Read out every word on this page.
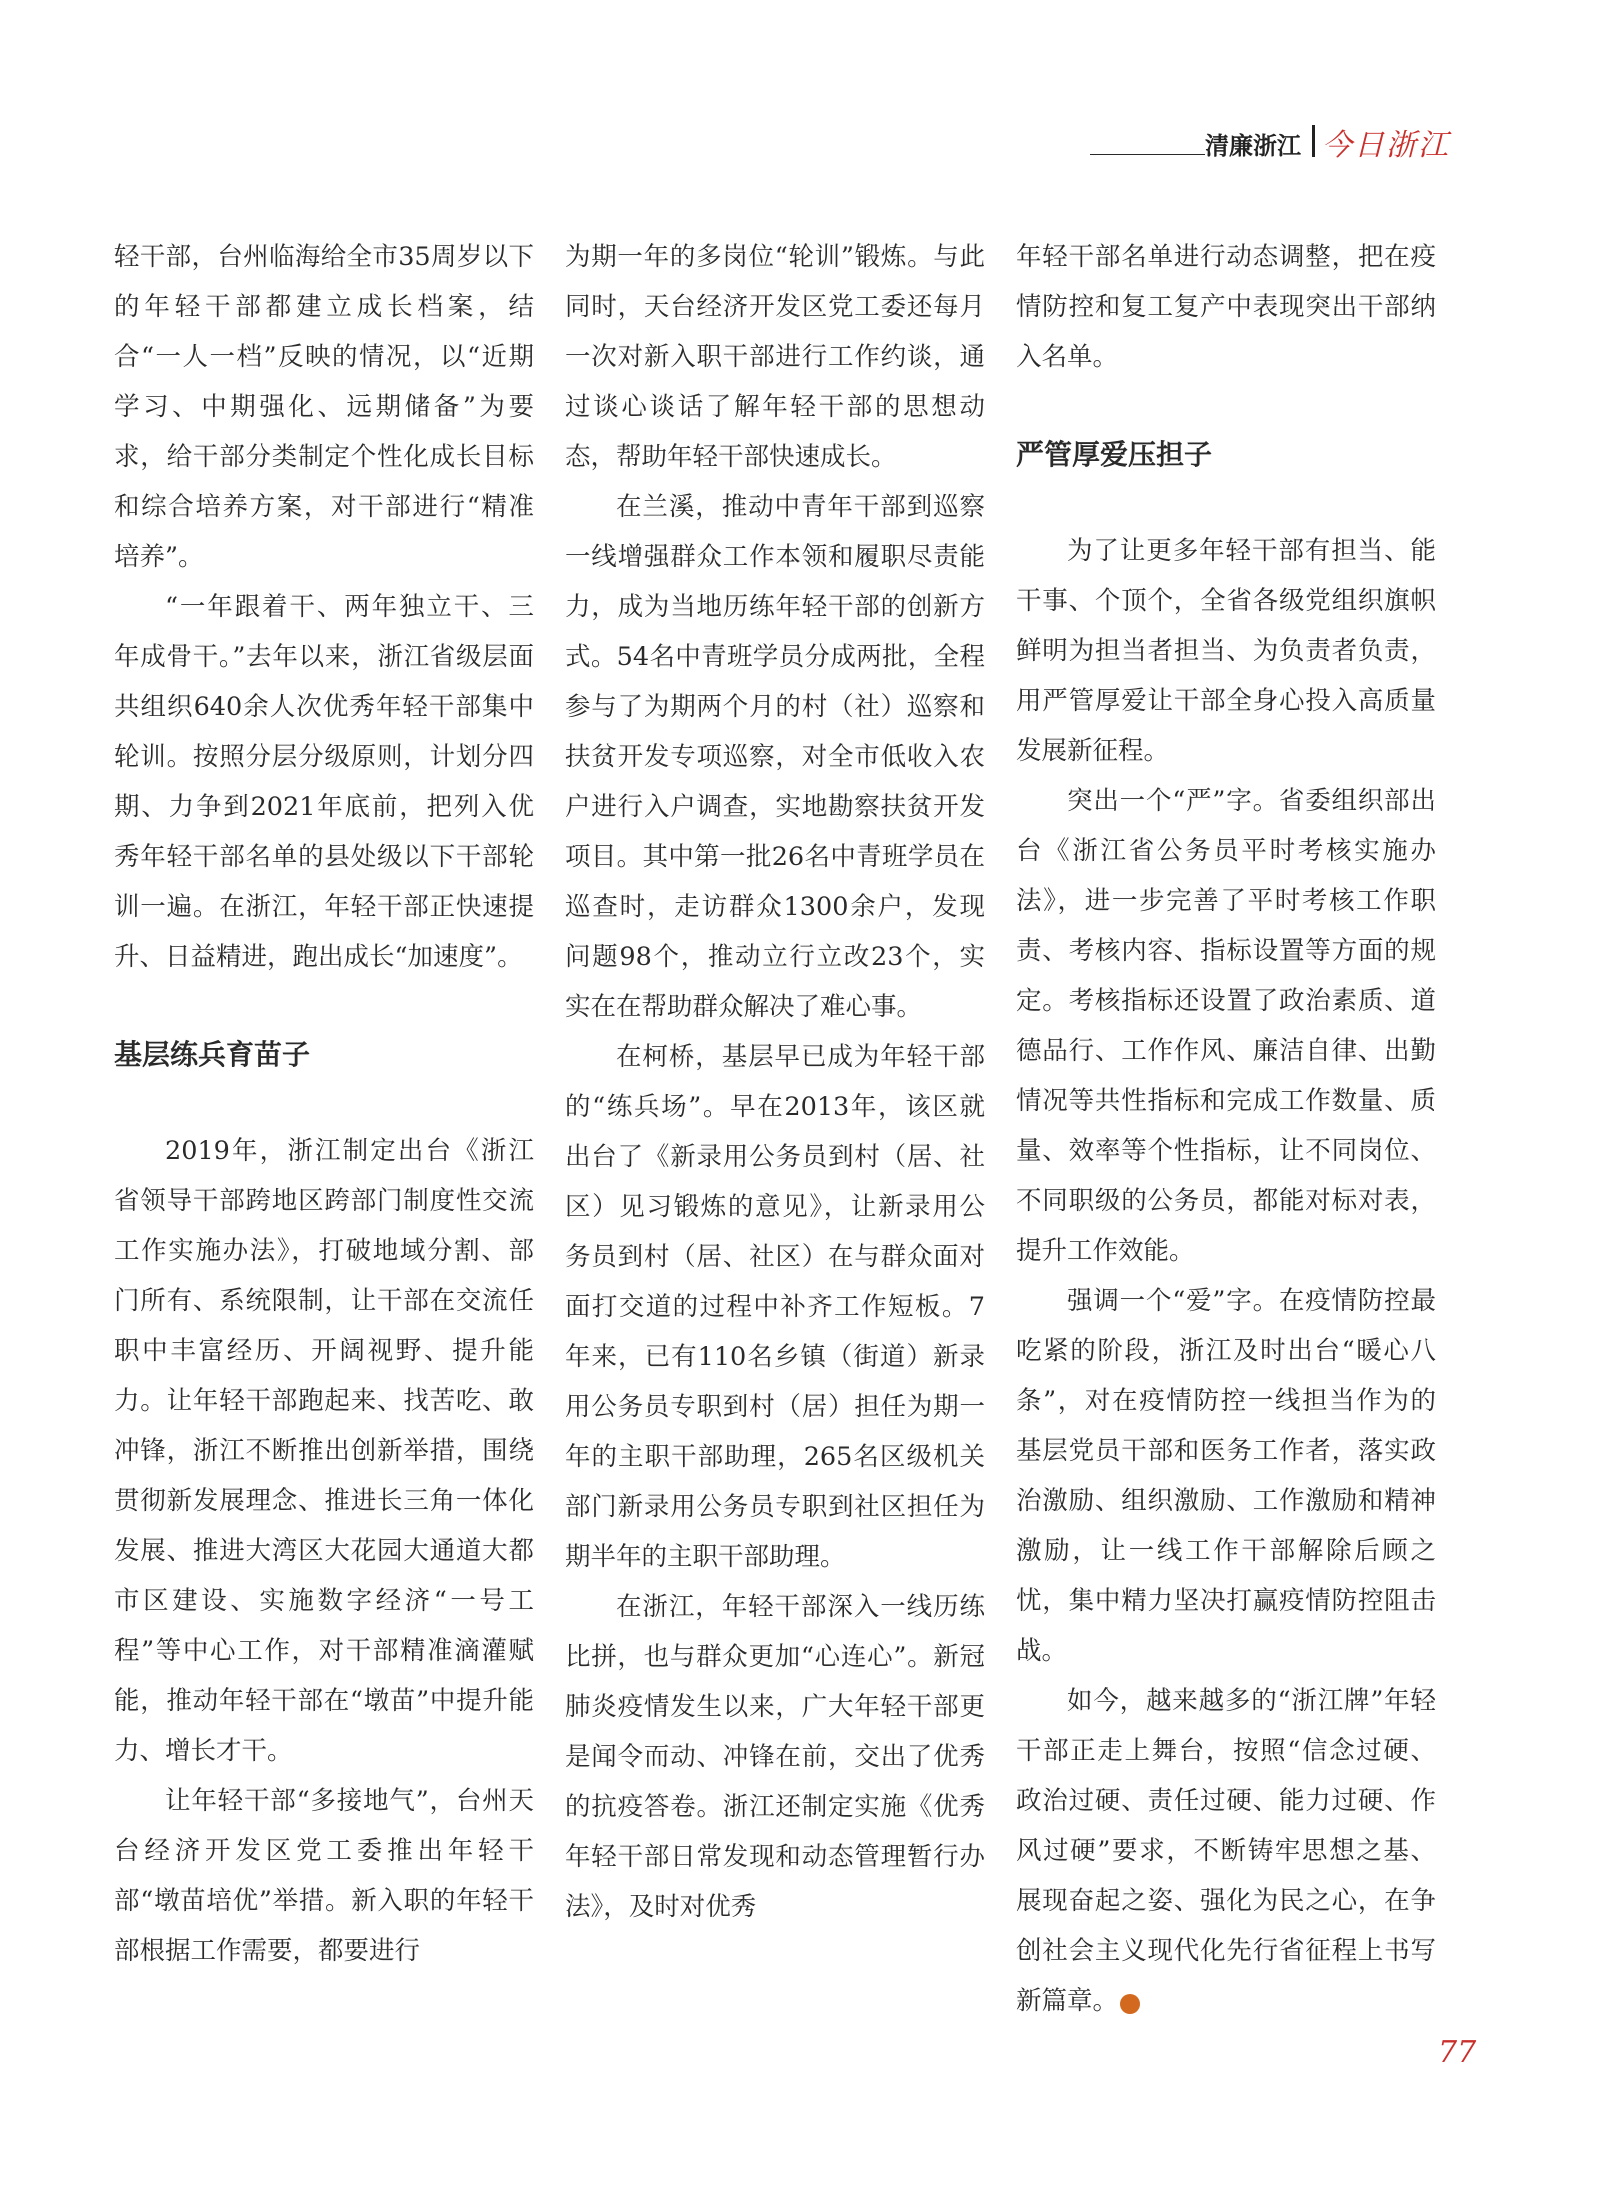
清廉浙江 今日浙江

轻干部，台州临海给全市35周岁以下的年轻干部都建立成长档案，结合“一人一档”反映的情况，以“近期学习、中期强化、远期储备”为要求，给干部分类制定个性化成长目标和综合培养方案，对干部进行“精准培养”。

“一年跟着干、两年独立干、三年成骨干。”去年以来，浙江省级层面共组织640余人次优秀年轻干部集中轮训。按照分层分级原则，计划分四期、力争到2021年底前，把列入优秀年轻干部名单的县处级以下干部轮训一遍。在浙江，年轻干部正快速提升、日益精进，跑出成长“加速度”。

基层练兵育苗子

2019年，浙江制定出台《浙江省领导干部跨地区跨部门制度性交流工作实施办法》，打破地域分割、部门所有、系统限制，让干部在交流任职中丰富经历、开阔视野、提升能力。让年轻干部跑起来、找苦吃、敢冲锋，浙江不断推出创新举措，围绕贯彻新发展理念、推进长三角一体化发展、推进大湾区大花园大通道大都市区建设、实施数字经济“一号工程”等中心工作，对干部精准滴灌赋能，推动年轻干部在“墩苗”中提升能力、增长才干。

让年轻干部“多接地气”，台州天台经济开发区党工委推出年轻干部“墩苗培优”举措。新入职的年轻干部根据工作需要，都要进行

为期一年的多岗位“轮训”锻炼。与此同时，天台经济开发区党工委还每月一次对新入职干部进行工作约谈，通过谈心谈话了解年轻干部的思想动态，帮助年轻干部快速成长。

在兰溪，推动中青年干部到巡察一线增强群众工作本领和履职尽责能力，成为当地历练年轻干部的创新方式。54名中青班学员分成两批，全程参与了为期两个月的村（社）巡察和扶贫开发专项巡察，对全市低收入农户进行入户调查，实地勘察扶贫开发项目。其中第一批26名中青班学员在巡查时，走访群众1300余户，发现问题98个，推动立行立改23个，实实在在帮助群众解决了难心事。

在柯桥，基层早已成为年轻干部的“练兵场”。早在2013年，该区就出台了《新录用公务员到村（居、社区）见习锻炼的意见》，让新录用公务员到村（居、社区）在与群众面对面打交道的过程中补齐工作短板。7年来，已有110名乡镇（街道）新录用公务员专职到村（居）担任为期一年的主职干部助理，265名区级机关部门新录用公务员专职到社区担任为期半年的主职干部助理。

在浙江，年轻干部深入一线历练比拼，也与群众更加“心连心”。新冠肺炎疫情发生以来，广大年轻干部更是闻令而动、冲锋在前，交出了优秀的抗疫答卷。浙江还制定实施《优秀年轻干部日常发现和动态管理暂行办法》，及时对优秀

年轻干部名单进行动态调整，把在疫情防控和复工复产中表现突出干部纳入名单。

严管厚爱压担子

为了让更多年轻干部有担当、能干事、个顶个，全省各级党组织旗帜鲜明为担当者担当、为负责者负责，用严管厚爱让干部全身心投入高质量发展新征程。

突出一个“严”字。省委组织部出台《浙江省公务员平时考核实施办法》，进一步完善了平时考核工作职责、考核内容、指标设置等方面的规定。考核指标还设置了政治素质、道德品行、工作作风、廉洁自律、出勤情况等共性指标和完成工作数量、质量、效率等个性指标，让不同岗位、不同职级的公务员，都能对标对表，提升工作效能。

强调一个“爱”字。在疫情防控最吃紧的阶段，浙江及时出台“暖心八条”，对在疫情防控一线担当作为的基层党员干部和医务工作者，落实政治激励、组织激励、工作激励和精神激励，让一线工作干部解除后顾之忧，集中精力坚决打赢疫情防控阻击战。

如今，越来越多的“浙江牌”年轻干部正走上舞台，按照“信念过硬、政治过硬、责任过硬、能力过硬、作风过硬”要求，不断铸牢思想之基、展现奋起之姿、强化为民之心，在争创社会主义现代化先行省征程上书写新篇章。	今

77
